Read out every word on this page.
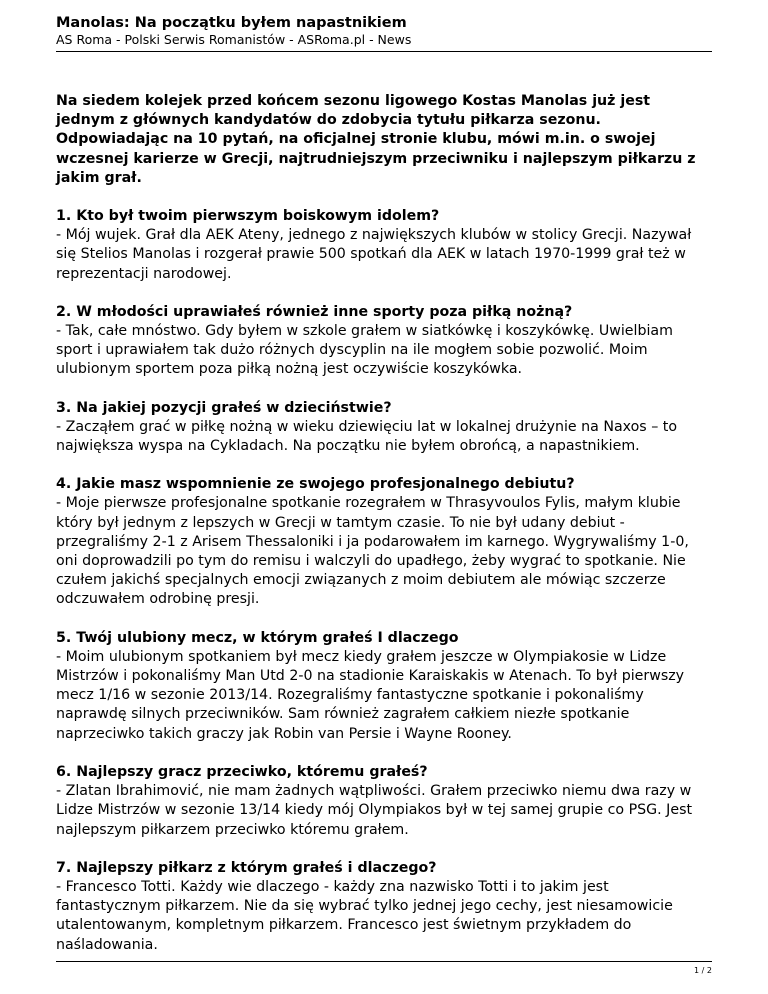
Manolas: Na początku byłem napastnikiem
AS Roma - Polski Serwis Romanistów - ASRoma.pl - News
Na siedem kolejek przed końcem sezonu ligowego Kostas Manolas już jest jednym z głównych kandydatów do zdobycia tytułu piłkarza sezonu. Odpowiadając na 10 pytań, na oficjalnej stronie klubu, mówi m.in. o swojej wczesnej karierze w Grecji, najtrudniejszym przeciwniku i najlepszym piłkarzu z jakim grał.
1. Kto był twoim pierwszym boiskowym idolem?
- Mój wujek. Grał dla AEK Ateny, jednego z największych klubów w stolicy Grecji. Nazywał się Stelios Manolas i rozgerał prawie 500 spotkań dla AEK w latach 1970-1999 grał też w reprezentacji narodowej.
2. W młodości uprawiałeś również inne sporty poza piłką nożną?
- Tak, całe mnóstwo. Gdy byłem w szkole grałem w siatkówkę i koszykówkę. Uwielbiam sport i uprawiałem tak dużo różnych dyscyplin na ile mogłem sobie pozwolić. Moim ulubionym sportem poza piłką nożną jest oczywiście koszykówka.
3. Na jakiej pozycji grałeś w dzieciństwie?
- Zacząłem grać w piłkę nożną w wieku dziewięciu lat w lokalnej drużynie na Naxos – to największa wyspa na Cykladach. Na początku nie byłem obrońcą, a napastnikiem.
4. Jakie masz wspomnienie ze swojego profesjonalnego debiutu?
- Moje pierwsze profesjonalne spotkanie rozegrałem w Thrasyvoulos Fylis, małym klubie który był jednym z lepszych w Grecji w tamtym czasie. To nie był udany debiut - przegraliśmy 2-1 z Arisem Thessaloniki i ja podarowałem im karnego. Wygrywaliśmy 1-0, oni doprowadzili po tym do remisu i walczyli do upadłego, żeby wygrać to spotkanie. Nie czułem jakichś specjalnych emocji związanych z moim debiutem ale mówiąc szczerze odczuwałem odrobinę presji.
5. Twój ulubiony mecz, w którym grałeś I dlaczego
- Moim ulubionym spotkaniem był mecz kiedy grałem jeszcze w Olympiakosie w Lidze Mistrzów i pokonaliśmy Man Utd 2-0 na stadionie Karaiskakis w Atenach. To był pierwszy mecz 1/16 w sezonie 2013/14. Rozegraliśmy fantastyczne spotkanie i pokonaliśmy naprawdę silnych przeciwników. Sam również zagrałem całkiem niezłe spotkanie naprzeciwko takich graczy jak Robin van Persie i Wayne Rooney.
6. Najlepszy gracz przeciwko, któremu grałeś?
- Zlatan Ibrahimović, nie mam żadnych wątpliwości. Grałem przeciwko niemu dwa razy w Lidze Mistrzów w sezonie 13/14 kiedy mój Olympiakos był w tej samej grupie co PSG. Jest najlepszym piłkarzem przeciwko któremu grałem.
7. Najlepszy piłkarz z którym grałeś i dlaczego?
- Francesco Totti. Każdy wie dlaczego - każdy zna nazwisko Totti i to jakim jest fantastycznym piłkarzem. Nie da się wybrać tylko jednej jego cechy, jest niesamowicie utalentowanym, kompletnym piłkarzem. Francesco jest świetnym przykładem do naśladowania.
1 / 2
